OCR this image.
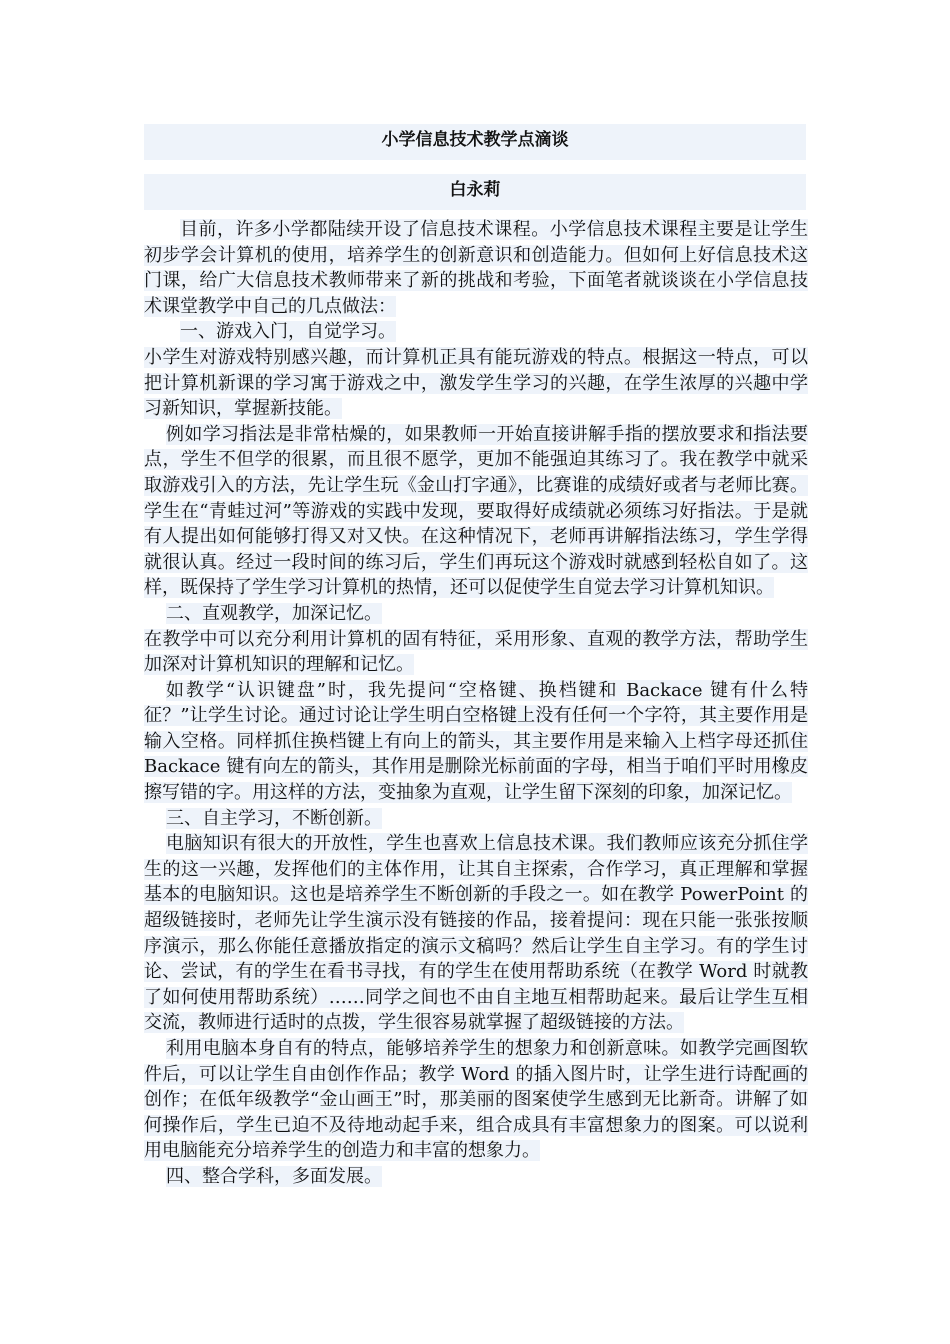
小学信息技术教学点滴谈
白永莉

目前，许多小学都陆续开设了信息技术课程。小学信息技术课程主要是让学生初步学会计算机的使用，培养学生的创新意识和创造能力。但如何上好信息技术这门课，给广大信息技术教师带来了新的挑战和考验，下面笔者就谈谈在小学信息技术课堂教学中自己的几点做法：

一、游戏入门，自觉学习。

小学生对游戏特别感兴趣，而计算机正具有能玩游戏的特点。根据这一特点，可以把计算机新课的学习寓于游戏之中，激发学生学习的兴趣，在学生浓厚的兴趣中学习新知识，掌握新技能。

例如学习指法是非常枯燥的，如果教师一开始直接讲解手指的摆放要求和指法要点，学生不但学的很累，而且很不愿学，更加不能强迫其练习了。我在教学中就采取游戏引入的方法，先让学生玩《金山打字通》，比赛谁的成绩好或者与老师比赛。学生在“青蛙过河”等游戏的实践中发现，要取得好成绩就必须练习好指法。于是就有人提出如何能够打得又对又快。在这种情况下，老师再讲解指法练习，学生学得就很认真。经过一段时间的练习后，学生们再玩这个游戏时就感到轻松自如了。这样，既保持了学生学习计算机的热情，还可以促使学生自觉去学习计算机知识。

二、直观教学，加深记忆。

在教学中可以充分利用计算机的固有特征，采用形象、直观的教学方法，帮助学生加深对计算机知识的理解和记忆。

如教学“认识键盘”时，我先提问“空格键、换档键和 Backace 键有什么特征？”让学生讨论。通过讨论让学生明白空格键上没有任何一个字符，其主要作用是输入空格。同样抓住换档键上有向上的箭头，其主要作用是来输入上档字母还抓住 Backace 键有向左的箭头，其作用是删除光标前面的字母，相当于咱们平时用橡皮擦写错的字。用这样的方法，变抽象为直观，让学生留下深刻的印象，加深记忆。

三、自主学习，不断创新。

电脑知识有很大的开放性，学生也喜欢上信息技术课。我们教师应该充分抓住学生的这一兴趣，发挥他们的主体作用，让其自主探索，合作学习，真正理解和掌握基本的电脑知识。这也是培养学生不断创新的手段之一。如在教学 PowerPoint 的超级链接时，老师先让学生演示没有链接的作品，接着提问：现在只能一张张按顺序演示，那么你能任意播放指定的演示文稿吗？然后让学生自主学习。有的学生讨论、尝试，有的学生在看书寻找，有的学生在使用帮助系统（在教学 Word 时就教了如何使用帮助系统）……同学之间也不由自主地互相帮助起来。最后让学生互相交流，教师进行适时的点拨，学生很容易就掌握了超级链接的方法。

利用电脑本身自有的特点，能够培养学生的想象力和创新意味。如教学完画图软件后，可以让学生自由创作作品；教学 Word 的插入图片时，让学生进行诗配画的创作；在低年级教学“金山画王”时，那美丽的图案使学生感到无比新奇。讲解了如何操作后，学生已迫不及待地动起手来，组合成具有丰富想象力的图案。可以说利用电脑能充分培养学生的创造力和丰富的想象力。

四、整合学科，多面发展。
